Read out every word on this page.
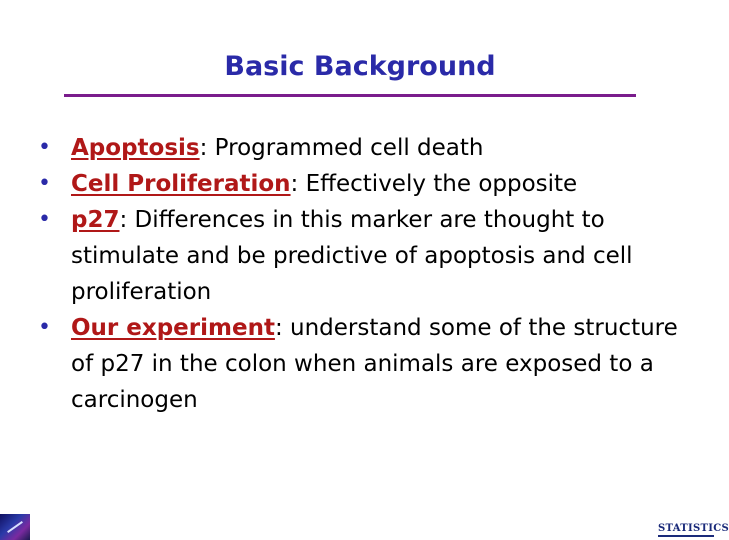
Basic Background
• Apoptosis: Programmed cell death
• Cell Proliferation: Effectively the opposite
• p27: Differences in this marker are thought to stimulate and be predictive of apoptosis and cell proliferation
• Our experiment: understand some of the structure of p27 in the colon when animals are exposed to a carcinogen
STATISTICS
